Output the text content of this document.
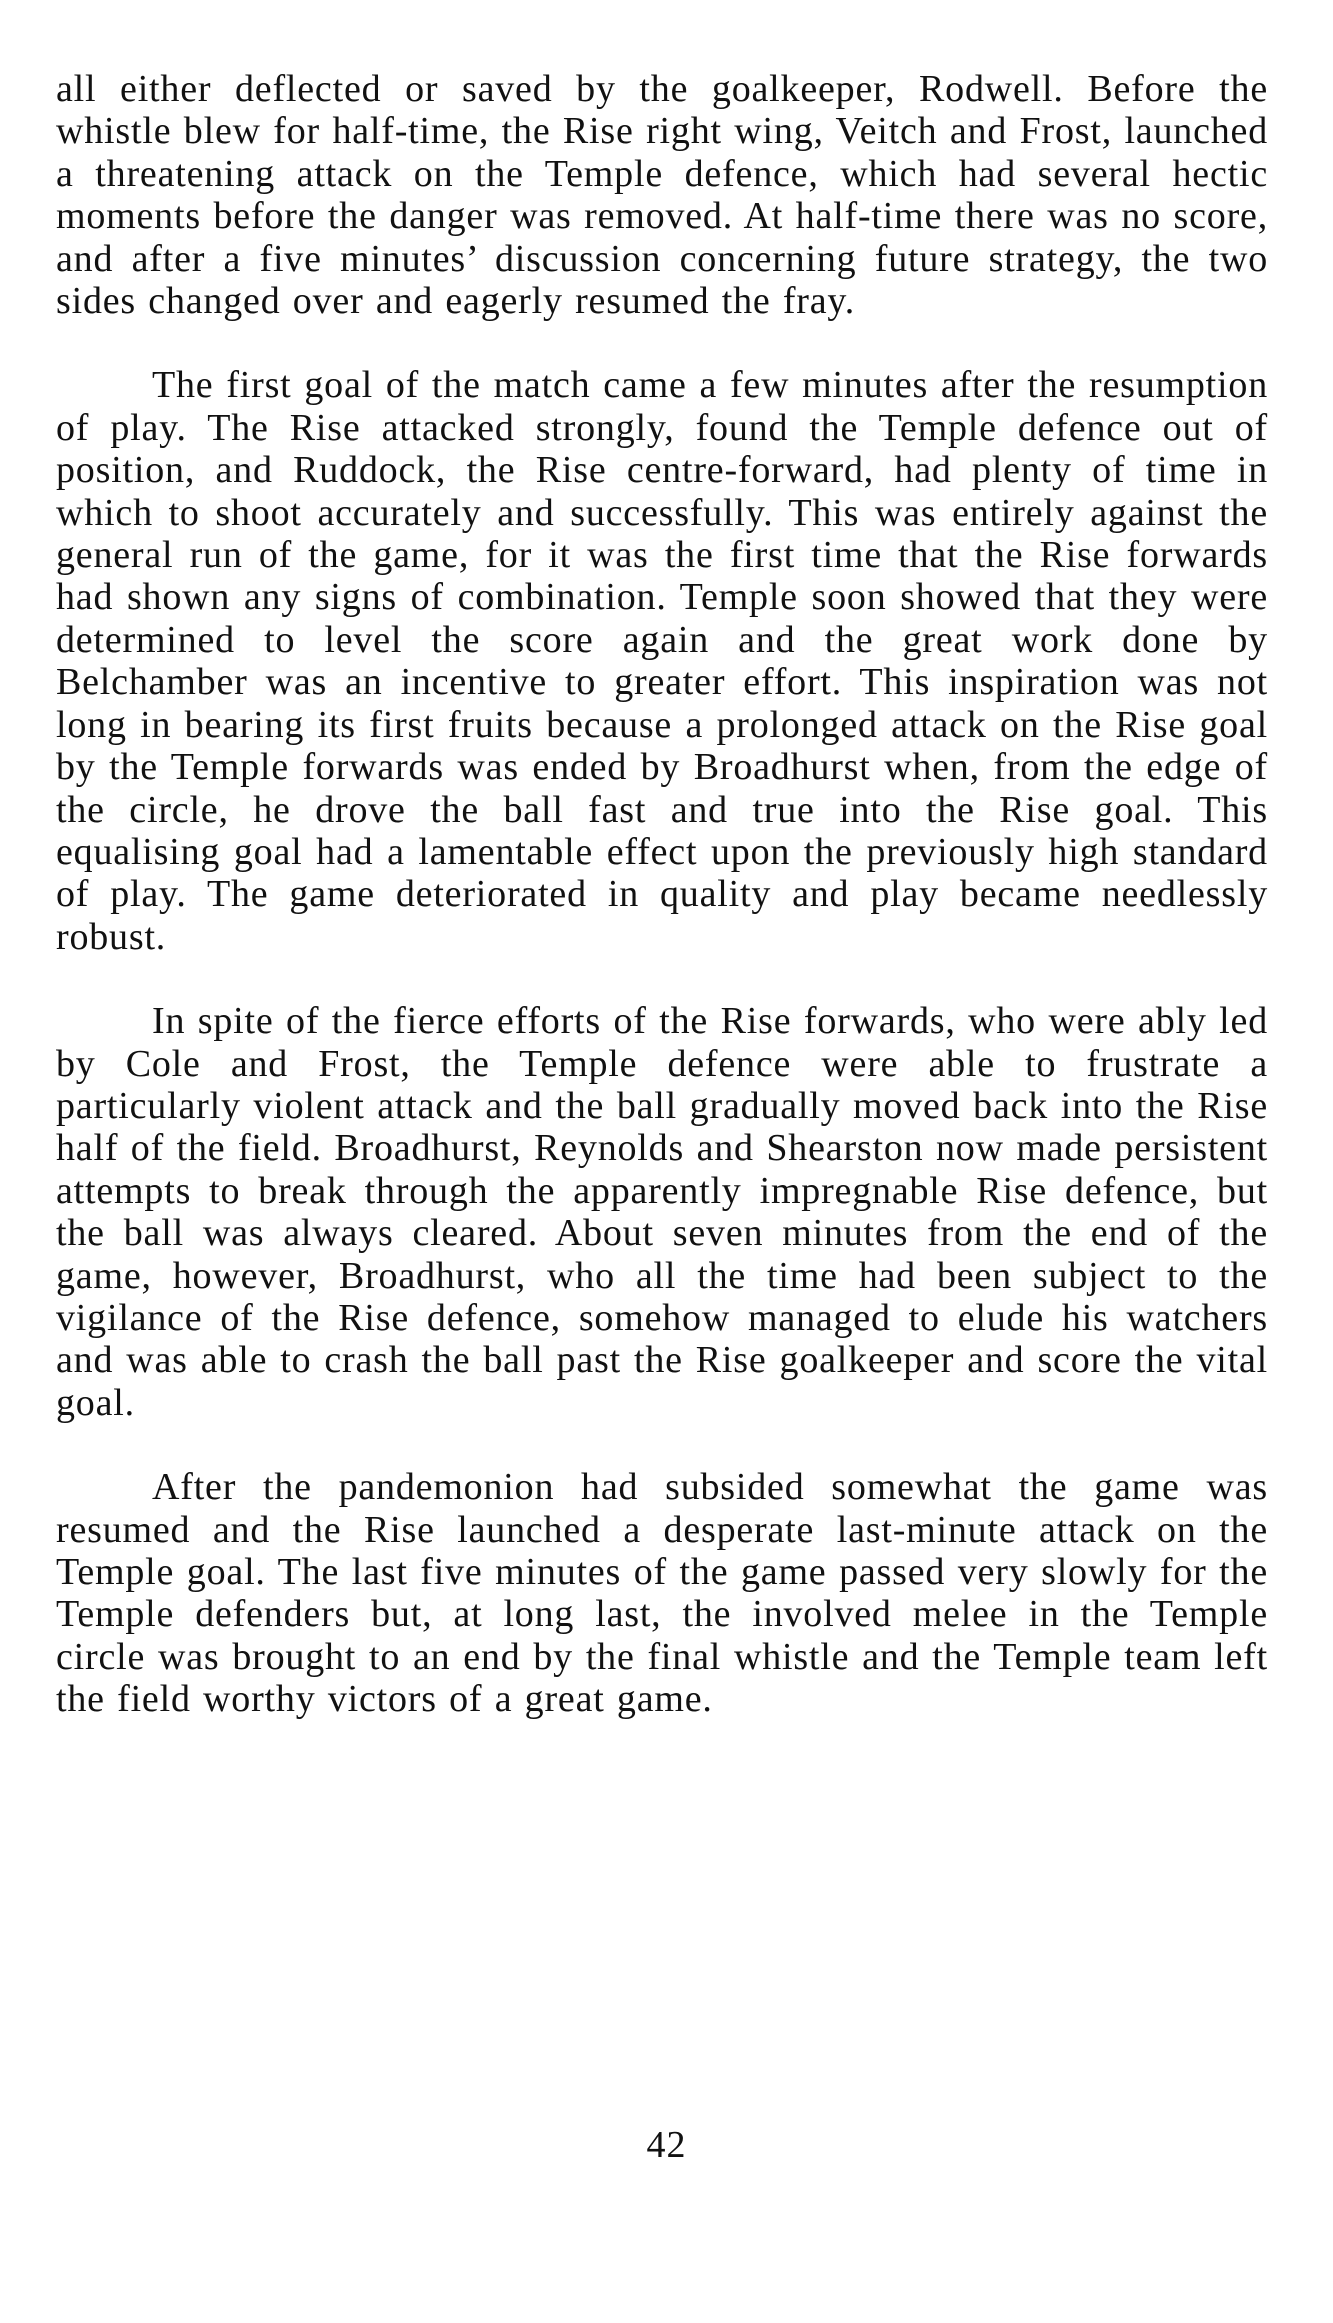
all either deflected or saved by the goalkeeper, Rodwell. Before the whistle blew for half-time, the Rise right wing, Veitch and Frost, launched a threatening attack on the Temple defence, which had several hectic moments before the danger was removed. At half-time there was no score, and after a five minutes’ discussion concerning future strategy, the two sides changed over and eagerly resumed the fray.

The first goal of the match came a few minutes after the resumption of play. The Rise attacked strongly, found the Temple defence out of position, and Ruddock, the Rise centre-forward, had plenty of time in which to shoot accurately and successfully. This was entirely against the general run of the game, for it was the first time that the Rise forwards had shown any signs of combination. Temple soon showed that they were determined to level the score again and the great work done by Belchamber was an incentive to greater effort. This inspiration was not long in bearing its first fruits because a prolonged attack on the Rise goal by the Temple forwards was ended by Broadhurst when, from the edge of the circle, he drove the ball fast and true into the Rise goal. This equalising goal had a lamentable effect upon the previously high standard of play. The game deteriorated in quality and play became needlessly robust.

In spite of the fierce efforts of the Rise forwards, who were ably led by Cole and Frost, the Temple defence were able to frustrate a particularly violent attack and the ball gradually moved back into the Rise half of the field. Broadhurst, Reynolds and Shearston now made persistent attempts to break through the apparently impregnable Rise defence, but the ball was always cleared. About seven minutes from the end of the game, however, Broadhurst, who all the time had been subject to the vigilance of the Rise defence, somehow managed to elude his watchers and was able to crash the ball past the Rise goalkeeper and score the vital goal.

After the pandemonion had subsided somewhat the game was resumed and the Rise launched a desperate last-minute attack on the Temple goal. The last five minutes of the game passed very slowly for the Temple defenders but, at long last, the involved melee in the Temple circle was brought to an end by the final whistle and the Temple team left the field worthy victors of a great game.

42
